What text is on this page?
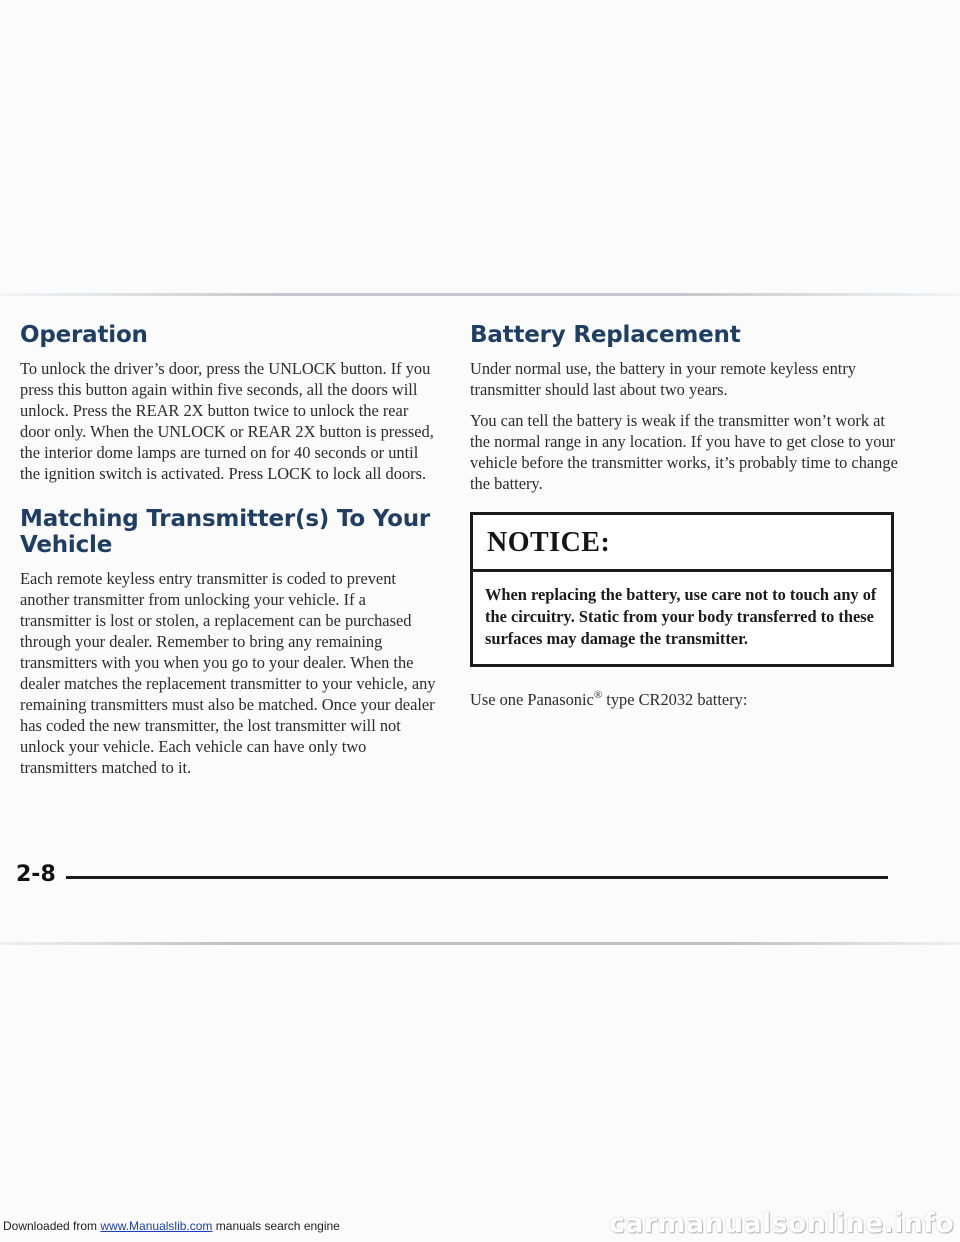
Operation

To unlock the driver’s door, press the UNLOCK button. If you press this button again within five seconds, all the doors will unlock. Press the REAR 2X button twice to unlock the rear door only. When the UNLOCK or REAR 2X button is pressed, the interior dome lamps are turned on for 40 seconds or until the ignition switch is activated. Press LOCK to lock all doors.

Matching Transmitter(s) To Your Vehicle

Each remote keyless entry transmitter is coded to prevent another transmitter from unlocking your vehicle. If a transmitter is lost or stolen, a replacement can be purchased through your dealer. Remember to bring any remaining transmitters with you when you go to your dealer. When the dealer matches the replacement transmitter to your vehicle, any remaining transmitters must also be matched. Once your dealer has coded the new transmitter, the lost transmitter will not unlock your vehicle. Each vehicle can have only two transmitters matched to it.

Battery Replacement

Under normal use, the battery in your remote keyless entry transmitter should last about two years.

You can tell the battery is weak if the transmitter won’t work at the normal range in any location. If you have to get close to your vehicle before the transmitter works, it’s probably time to change the battery.

NOTICE:
When replacing the battery, use care not to touch any of the circuitry. Static from your body transferred to these surfaces may damage the transmitter.

Use one Panasonic® type CR2032 battery:

2-8
Downloaded from www.Manualslib.com manuals search engine	carmanualsonline.info
